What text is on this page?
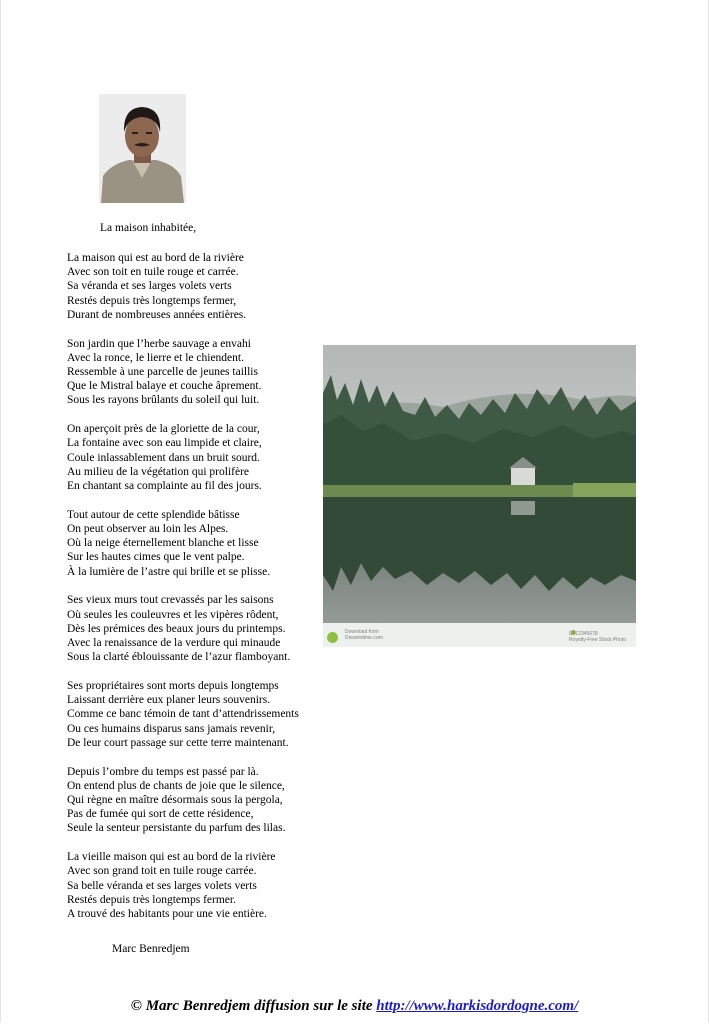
La maison inhabitée,
La maison qui est au bord de la rivière
Avec son toit en tuile rouge et carrée.
Sa véranda et ses larges volets verts
Restés depuis très longtemps fermer,
Durant de nombreuses années entières.
Son jardin que l’herbe sauvage a envahi
Avec la ronce, le lierre et le chiendent.
Ressemble à une parcelle de jeunes taillis
Que le Mistral balaye et couche âprement.
Sous les rayons brûlants du soleil qui luit.
On aperçoit près de la gloriette de la cour,
La fontaine avec son eau limpide et claire,
Coule inlassablement dans un bruit sourd.
Au milieu de la végétation qui prolifère
En chantant sa complainte au fil des jours.
Tout autour de cette splendide bâtisse
On peut observer au loin les Alpes.
Où la neige éternellement blanche et lisse
Sur les hautes cimes que le vent palpe.
À la lumière de l’astre qui brille et se plisse.
Ses vieux murs tout crevassés par les saisons
Où seules les couleuvres et les vipères rôdent,
Dès les prémices des beaux jours du printemps.
Avec la renaissance de la verdure qui minaude
Sous la clarté éblouissante de l’azur flamboyant.
Ses propriétaires sont morts depuis longtemps
Laissant derrière eux planer leurs souvenirs.
Comme ce banc témoin de tant d’attendrissements
Ou ces humains disparus sans jamais revenir,
De leur court passage sur cette terre maintenant.
Depuis l’ombre du temps est passé par là.
On entend plus de chants de joie que le silence,
Qui règne en maître désormais sous la pergola,
Pas de fumée qui sort de cette résidence,
Seule la senteur persistante du parfum des lilas.
La vieille maison qui est au bord de la rivière
Avec son grand toit en tuile rouge carrée.
Sa belle véranda et ses larges volets verts
Restés depuis très longtemps fermer.
A trouvé des habitants pour une vie entière.
Marc Benredjem
Download from
Dreamstime.com
ID 12345678
Royalty-Free Stock Photo
© Marc Benredjem diffusion sur le site http://www.harkisdordogne.com/
